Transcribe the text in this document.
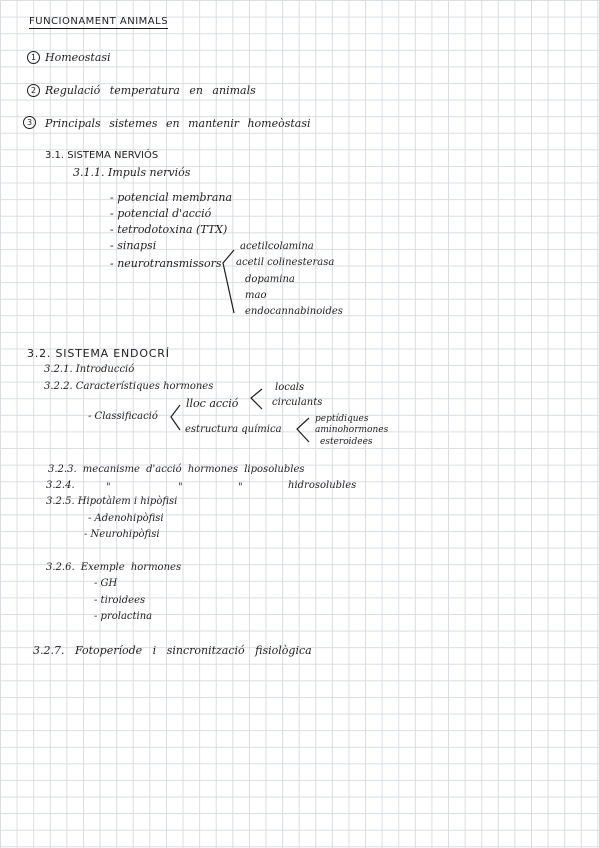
FUNCIONAMENT ANIMALS
1 Homeostasi
2 Regulació temperatura en animals
3	Principals sistemes en mantenir homeòstasi
3.1. SISTEMA NERVIÓS
3.1.1. Impuls nerviós
- potencial membrana
- potencial d'acció
- tetrodotoxina (TTX)
- sinapsi
- neurotransmissors
acetilcolamina
acetil colinesterasa
dopamina
mao
endocannabinoides
3.2. SISTEMA ENDOCRÍ
3.2.1. Introducció
3.2.2. Característiques hormones
- Classificació
lloc acció
locals
circulants
estructura química
peptídiques
aminohormones
esteroidees
3.2.3. mecanisme d'acció hormones liposolubles
3.2.4.	"	"	"	hidrosolubles
3.2.5. Hipotàlem i hipòfisi
- Adenohipòfisi
- Neurohipòfisi
3.2.6. Exemple hormones
- GH
- tiroidees
- prolactina
3.2.7. Fotoperíode i sincronització fisiològica
